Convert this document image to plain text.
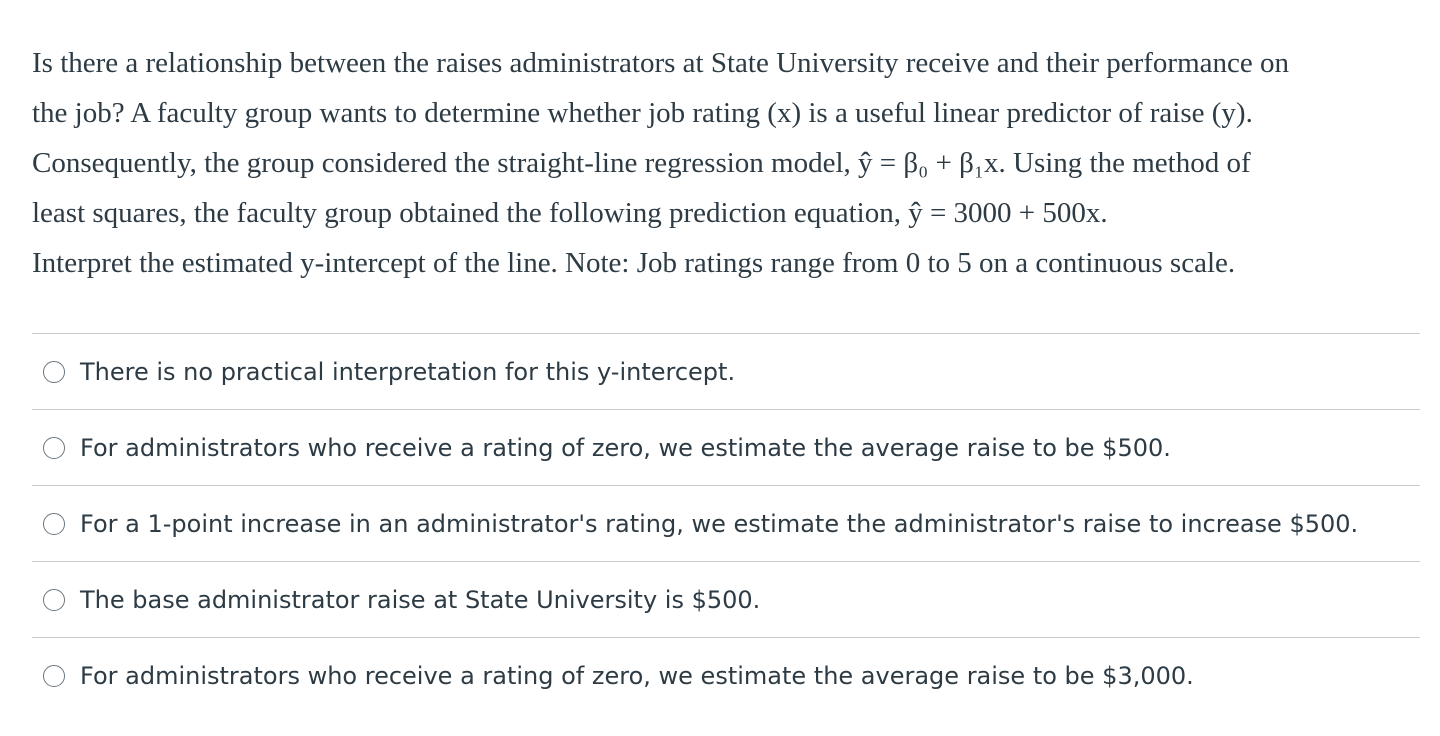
Is there a relationship between the raises administrators at State University receive and their performance on

the job? A faculty group wants to determine whether job rating (x) is a useful linear predictor of raise (y).

Consequently, the group considered the straight-line regression model, ŷ = β₀ + β₁x. Using the method of

least squares, the faculty group obtained the following prediction equation, ŷ = 3000 + 500x.

Interpret the estimated y-intercept of the line. Note: Job ratings range from 0 to 5 on a continuous scale.

There is no practical interpretation for this y-intercept.
For administrators who receive a rating of zero, we estimate the average raise to be $500.
For a 1-point increase in an administrator's rating, we estimate the administrator's raise to increase $500.
The base administrator raise at State University is $500.
For administrators who receive a rating of zero, we estimate the average raise to be $3,000.
